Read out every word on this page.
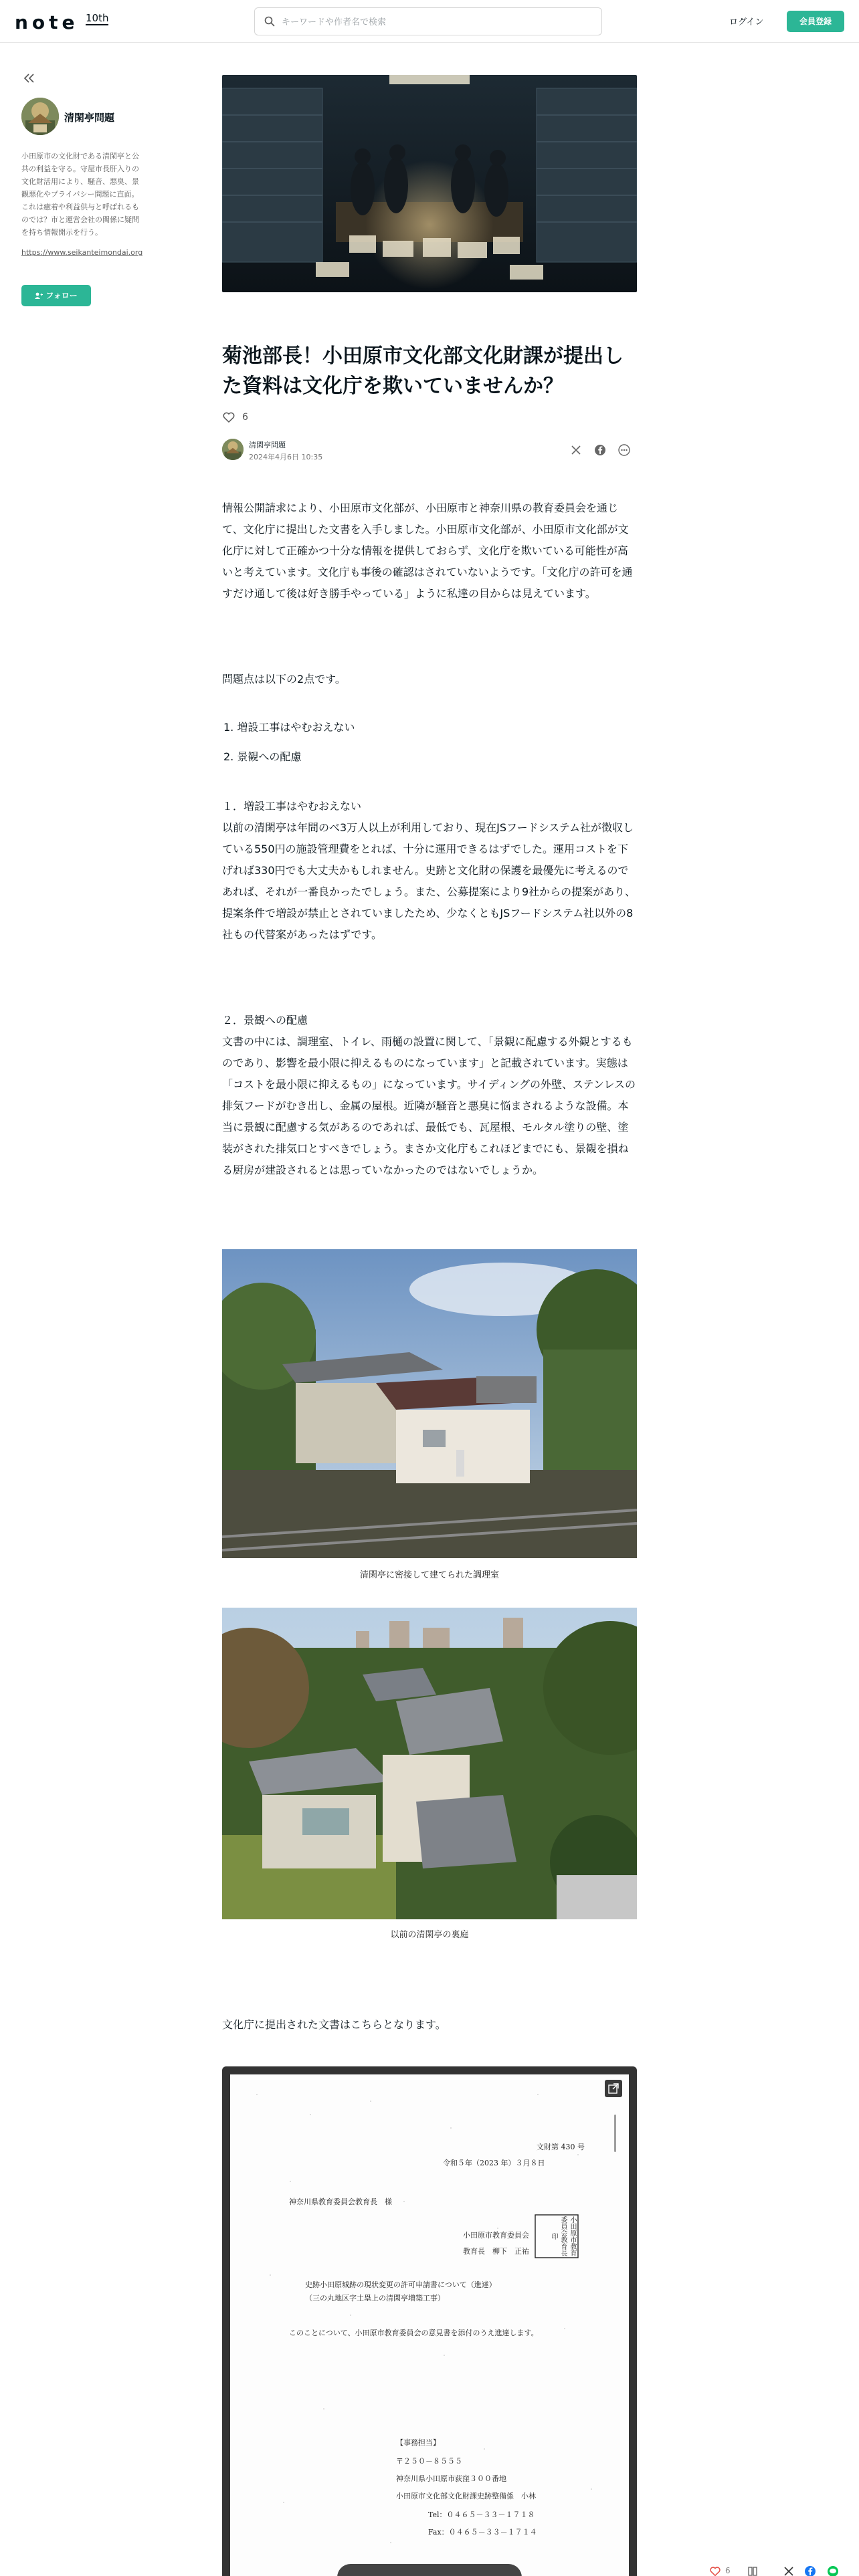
note 10th
キーワードや作者名で検索	ログイン	会員登録
清閑亭問題
小田原市の文化財である清閑亭と公共の利益を守る。守屋市長肝入りの文化財活用により、騒音、悪臭、景観悪化やプライバシー問題に直面。これは癒着や利益供与と呼ばれるものでは？市と運営会社の関係に疑問を持ち情報開示を行う。
https://www.seikanteimondai.org
フォロー
菊池部長！小田原市文化部文化財課が提出した資料は文化庁を欺いていませんか？
6
清閑亭問題
2024年4月6日 10:35
情報公開請求により、小田原市文化部が、小田原市と神奈川県の教育委員会を通じて、文化庁に提出した文書を入手しました。小田原市文化部が、小田原市文化部が文化庁に対して正確かつ十分な情報を提供しておらず、文化庁を欺いている可能性が高いと考えています。文化庁も事後の確認はされていないようです。「文化庁の許可を通すだけ通して後は好き勝手やっている」ように私達の目からは見えています。
問題点は以下の2点です。
1. 増設工事はやむおえない
2. 景観への配慮
１．増設工事はやむおえない
以前の清閑亭は年間のべ3万人以上が利用しており、現在JSフードシステム社が徴収している550円の施設管理費をとれば、十分に運用できるはずでした。運用コストを下げれば330円でも大丈夫かもしれません。史跡と文化財の保護を最優先に考えるのであれば、それが一番良かったでしょう。また、公募提案により9社からの提案があり、提案条件で増設が禁止とされていましたため、少なくともJSフードシステム社以外の8社もの代替案があったはずです。
２．景観への配慮
文書の中には、調理室、トイレ、雨樋の設置に関して、「景観に配慮する外観とするものであり、影響を最小限に抑えるものになっています」と記載されています。実態は「コストを最小限に抑えるもの」になっています。サイディングの外壁、ステンレスの排気フードがむき出し、金属の屋根。近隣が騒音と悪臭に悩まされるような設備。本当に景観に配慮する気があるのであれば、最低でも、瓦屋根、モルタル塗りの壁、塗装がされた排気口とすべきでしょう。まさか文化庁もこれほどまでにも、景観を損ねる厨房が建設されるとは思っていなかったのではないでしょうか。
清閑亭に密接して建てられた調理室
以前の清閑亭の裏庭
文化庁に提出された文書はこちらとなります。
文財第 430 号
令和５年（2023 年）３月８日
神奈川県教育委員会教育長　様
小田原市教育委員会
教育長　柳下　正祐	小田原市教育委員会教育長印
史跡小田原城跡の現状変更の許可申請書について（進達）
（三の丸地区字土塁上の清閑亭増築工事）
このことについて、小田原市教育委員会の意見書を添付のうえ進達します。
【事務担当】
〒２５０－８５５５
神奈川県小田原市荻窪３００番地
小田原市文化部文化財課史跡整備係　小林
Tel：０４６５－３３－１７１８
Fax：０４６５－３３－１７１４
6
